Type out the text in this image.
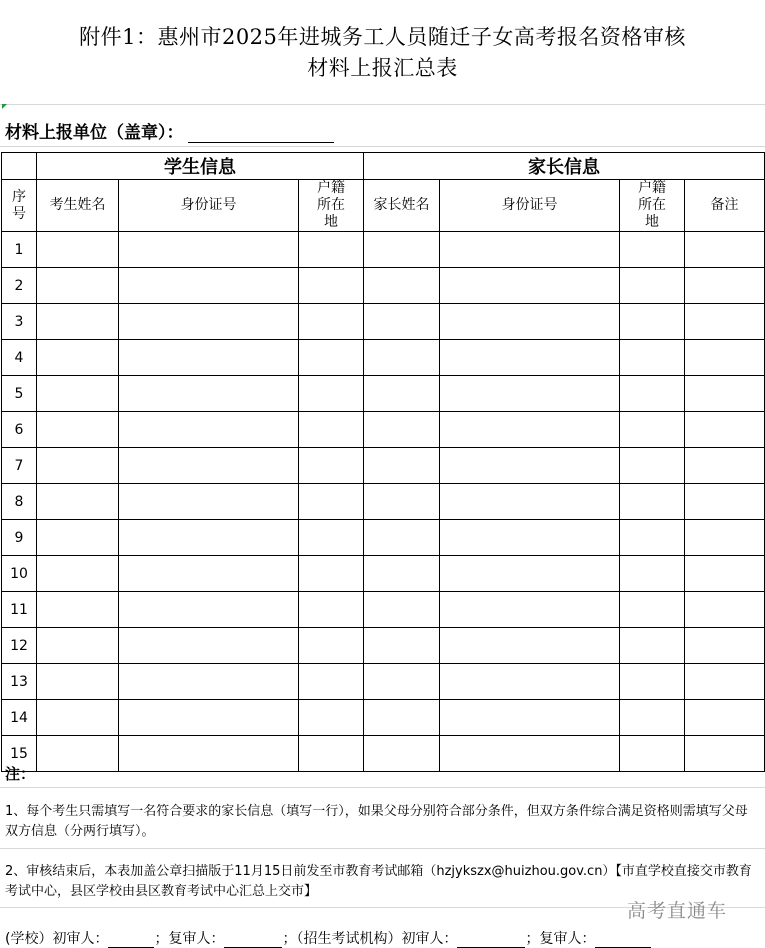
附件1：惠州市2025年进城务工人员随迁子女高考报名资格审核
材料上报汇总表
材料上报单位（盖章）：
	学生信息			家长信息			
序号	考生姓名	身份证号	户籍所在地	家长姓名	身份证号	户籍所在地	备注
1							
2							
3							
4							
5							
6							
7							
8							
9							
10							
11							
12							
13							
14							
15							
注：
1、每个考生只需填写一名符合要求的家长信息（填写一行），如果父母分别符合部分条件，但双方条件综合满足资格则需填写父母双方信息（分两行填写）。
2、审核结束后，本表加盖公章扫描版于11月15日前发至市教育考试邮箱（hzjykszx@huizhou.gov.cn）【市直学校直接交市教育考试中心，县区学校由县区教育考试中心汇总上交市】
(学校）初审人：	；复审人：	；（招生考试机构）初审人：	；复审人：
高考直通车
